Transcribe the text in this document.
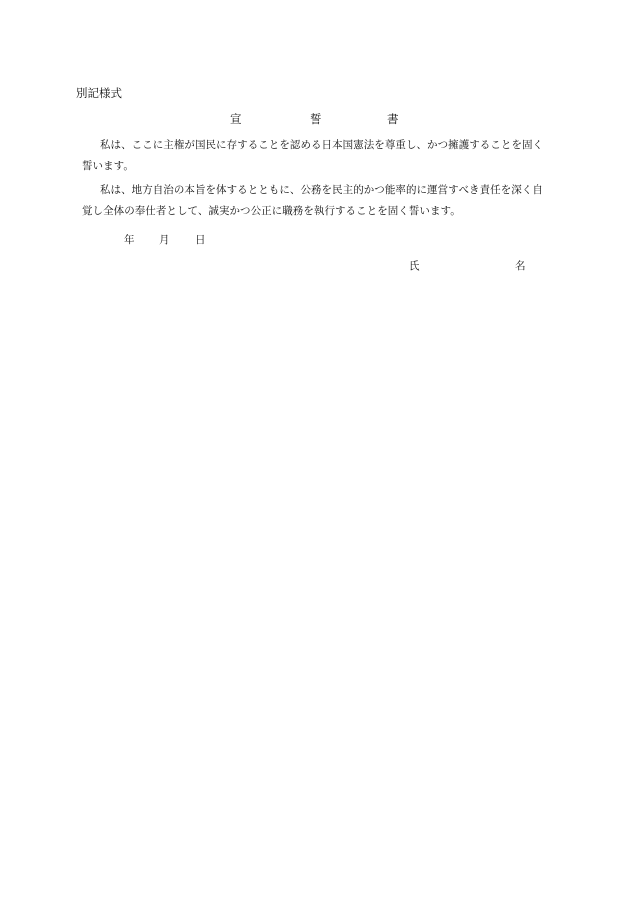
別記様式
宣	誓	書
私は、ここに主権が国民に存することを認める日本国憲法を尊重し、かつ擁護することを固く誓います。
私は、地方自治の本旨を体するとともに、公務を民主的かつ能率的に運営すべき責任を深く自覚し全体の奉仕者として、誠実かつ公正に職務を執行することを固く誓います。
年 月 日
氏	名
